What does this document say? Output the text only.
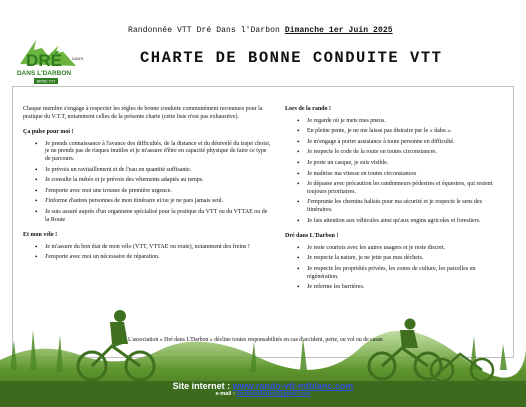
Randonnée VTT Dré Dans l'Darbon Dimanche 1er Juin 2025
DRÉ	DANS
DANS L'DARBON
BRIDE VTT
CHARTE DE BONNE CONDUITE VTT

Chaque membre s'engage à respecter les règles de bonne conduite communément reconnues pour la pratique du V.T.T, notamment celles de la présente charte (cette liste n'est pas exhaustive).

Ça pulse pour moi !
• Je prends connaissance à l'avance des difficultés, de la distance et du dénivelé du trajet choisi, je ne prends pas de risques inutiles et je m'assure d'être en capacité physique de faire ce type de parcours.
• Je prévois un ravitaillement et de l'eau en quantité suffisante.
• Je consulte la météo et je prévois des vêtements adaptés au temps.
• J'emporte avec moi une trousse de première urgence.
• J'informe d'autres personnes de mon itinéraire et/ou je ne pars jamais seul.
• Je suis assuré auprès d'un organisme spécialisé pour la pratique du VTT ou du VTTAE ou de la Route
Et mon vélo !
• Je m'assure du bon état de mon vélo (VTT, VTTAE ou route), notamment des freins !
• J'emporte avec moi un nécessaire de réparation.
Lors de la rando !
• Je regarde où je mets mes pneus.
• En pleine pente, je ne me laisse pas distraire par le « dahu ».
• Je m'engage à porter assistance à toute personne en difficulté.
• Je respecte le code de la route en toutes circonstances.
• Je porte un casque, je suis visible.
• Je maîtrise ma vitesse en toutes circonstances
• Je dépasse avec précaution les randonneurs pédestres et équestres, qui restent toujours prioritaires.
• J'emprunte les chemins balisés pour ma sécurité et je respecte le sens des itinéraires.
• Je fais attention aux véhicules ainsi qu'aux engins agricoles et forestiers.
Dré dans L'Darbon !
• Je reste courtois avec les autres usagers et je reste discret.
• Je respecte la nature, je ne jette pas mes déchets.
• Je respecte les propriétés privées, les zones de culture, les parcelles en régénération.
• Je referme les barrières.
L'association « Dré dans L'Darbon » décline toutes responsabilités en cas d'accident, perte, ou vol ou de casse.
Site internet : www.rando-vtt-mtblanc.com
e-mail : dredansldarbon@gmail.com
